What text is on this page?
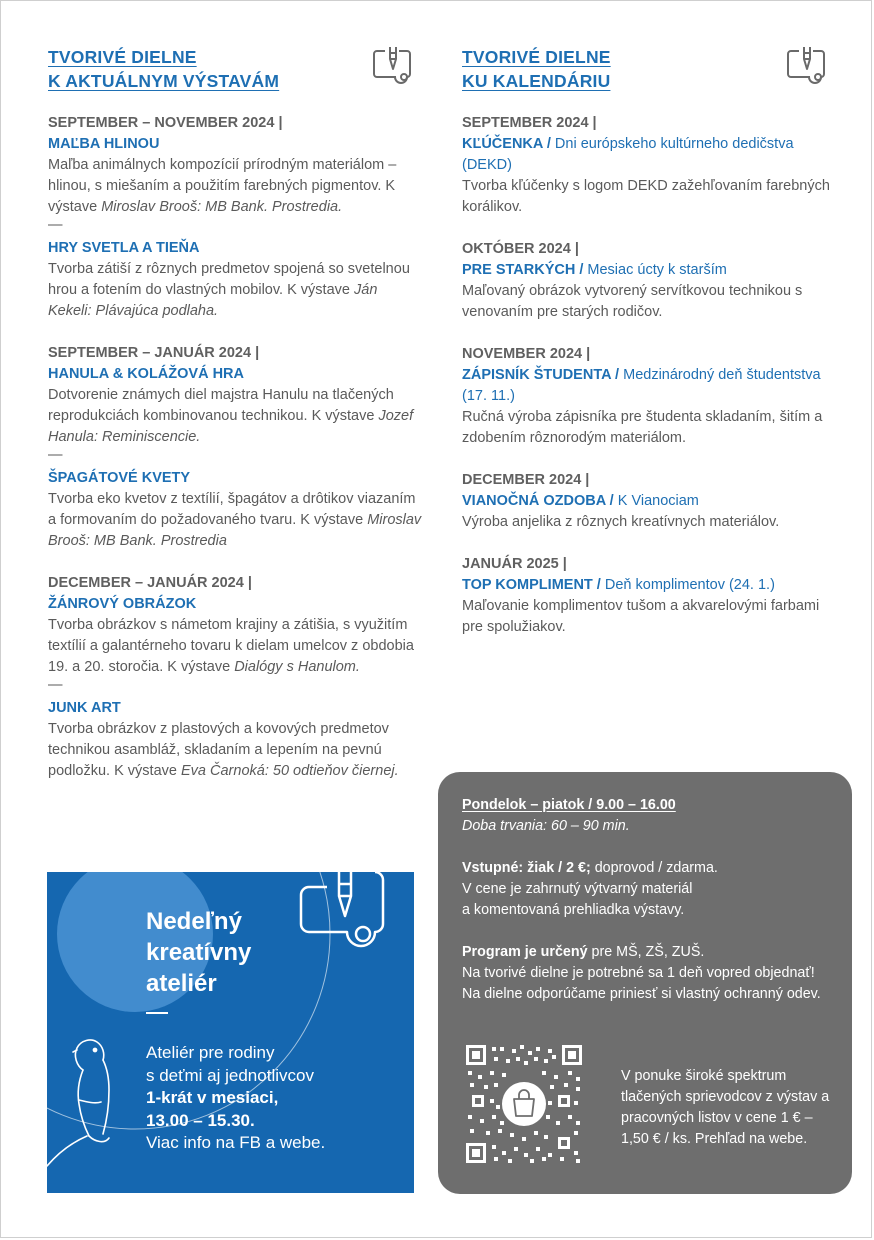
TVORIVÉ DIELNE
K AKTUÁLNYM VÝSTAVÁM
SEPTEMBER – NOVEMBER 2024 |
MAĽBA HLINOU

Maľba animálnych kompozícií prírodným materiálom – hlinou, s miešaním a použitím farebných pigmentov. K výstave Miroslav Brooš: MB Bank. Prostredia.

—

HRY SVETLA A TIEŇA

Tvorba zátiší z rôznych predmetov spojená so svetelnou hrou a fotením do vlastných mobilov. K výstave Ján Kekeli: Plávajúca podlaha.

SEPTEMBER – JANUÁR 2024 |
HANULA & KOLÁŽOVÁ HRA

Dotvorenie známych diel majstra Hanulu na tlačených reprodukciách kombinovanou technikou. K výstave Jozef Hanula: Reminiscencie.

—

ŠPAGÁTOVÉ KVETY

Tvorba eko kvetov z textílií, špagátov a drôtikov viazaním a formovaním do požadovaného tvaru. K výstave Miroslav Brooš: MB Bank. Prostredia

DECEMBER – JANUÁR 2024 |
ŽÁNROVÝ OBRÁZOK

Tvorba obrázkov s námetom krajiny a zátišia, s využitím textílií a galantérneho tovaru k dielam umelcov z obdobia 19. a 20. storočia. K výstave Dialógy s Hanulom.

—

JUNK ART

Tvorba obrázkov z plastových a kovových predmetov technikou asambláž, skladaním a lepením na pevnú podložku. K výstave Eva Čarnoká: 50 odtieňov čiernej.

TVORIVÉ DIELNE
KU KALENDÁRIU
SEPTEMBER 2024 |
KĽÚČENKA / Dni európskeho kultúrneho dedičstva (DEKD)

Tvorba kľúčenky s logom DEKD zažehľovaním farebných korálikov.

OKTÓBER 2024 |
PRE STARKÝCH / Mesiac úcty k starším

Maľovaný obrázok vytvorený servítkovou technikou s venovaním pre starých rodičov.

NOVEMBER 2024 |
ZÁPISNÍK ŠTUDENTA / Medzinárodný deň študentstva (17. 11.)

Ručná výroba zápisníka pre študenta skladaním, šitím a zdobením rôznorodým materiálom.

DECEMBER 2024 |
VIANOČNÁ OZDOBA / K Vianociam

Výroba anjelika z rôznych kreatívnych materiálov.

JANUÁR 2025 |
TOP KOMPLIMENT / Deň komplimentov (24. 1.)

Maľovanie komplimentov tušom a akvarelovými farbami pre spolužiakov.

Nedeľný
kreatívny
ateliér

Ateliér pre rodiny
s deťmi aj jednotlivcov
1-krát v mesiaci,
13.00 – 15.30.
Viac info na FB a webe.

Pondelok – piatok / 9.00 – 16.00

Doba trvania: 60 – 90 min.

Vstupné: žiak / 2 €; doprovod / zdarma.

V cene je zahrnutý výtvarný materiál

a komentovaná prehliadka výstavy.

Program je určený pre MŠ, ZŠ, ZUŠ.

Na tvorivé dielne je potrebné sa 1 deň vopred objednať! Na dielne odporúčame priniesť si vlastný ochranný odev.

V ponuke široké spektrum tlačených sprievodcov z výstav a pracovných listov v cene 1 € – 1,50 € / ks. Prehľad na webe.
